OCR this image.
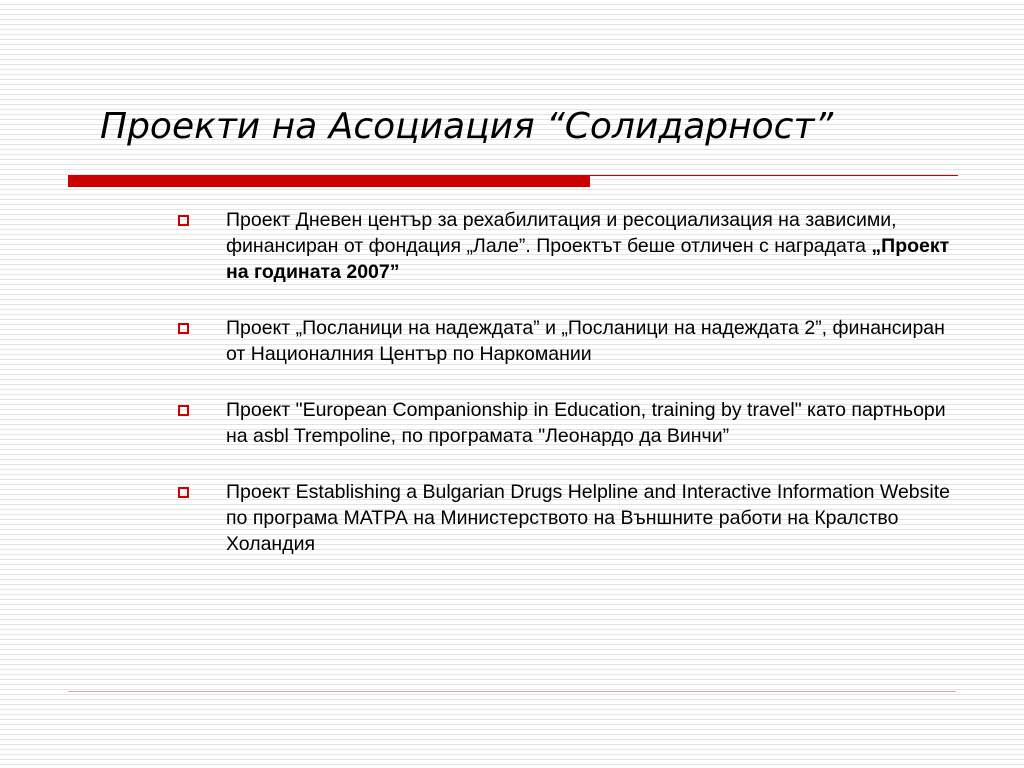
Проекти на Асоциация “Солидарност”
Проект Дневен център за рехабилитация и ресоциализация на зависими, финансиран от фондация „Лале”. Проектът беше отличен с наградата „Проект на годината 2007”
Проект „Посланици на надеждата” и „Посланици на надеждата 2”, финансиран от Националния Център по Наркомании
Проект "European Companionship in Education, training by travel" като партньори на asbl Trempoline, по програмата "Леонардо да Винчи”
Проект Establishing a Bulgarian Drugs Helpline and Interactive Information Website по програма МАТРА на Министерството на Външните работи на Кралство Холандия
